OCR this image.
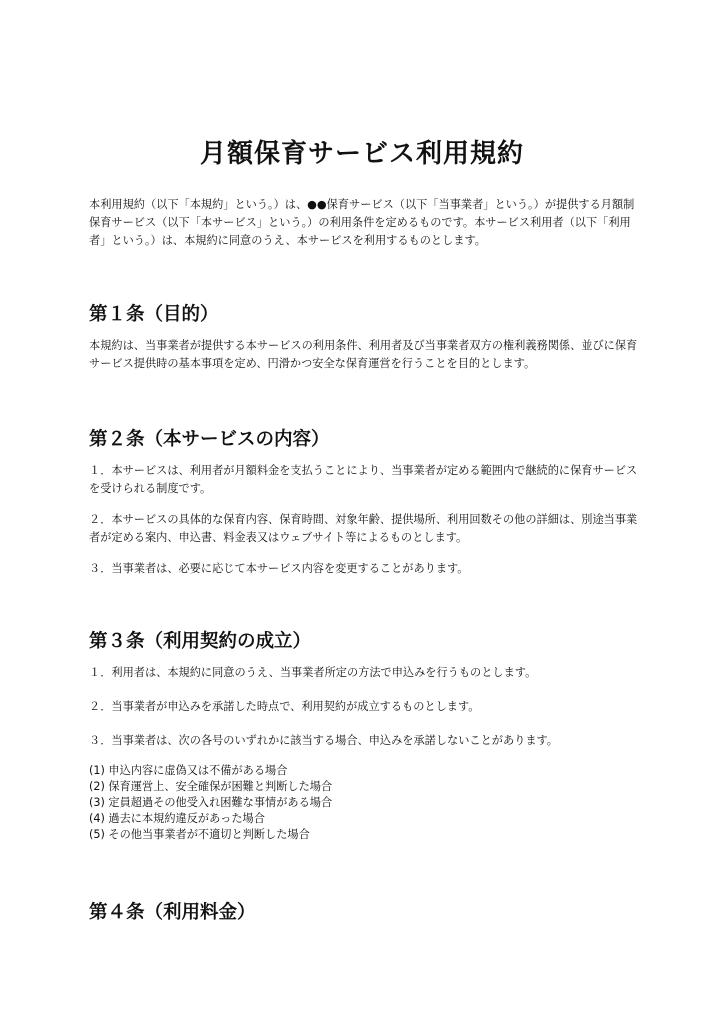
月額保育サービス利用規約

本利用規約（以下「本規約」という。）は、●●保育サービス（以下「当事業者」という。）が提供する月額制保育サービス（以下「本サービス」という。）の利用条件を定めるものです。本サービス利用者（以下「利用者」という。）は、本規約に同意のうえ、本サービスを利用するものとします。

第１条（目的）

本規約は、当事業者が提供する本サービスの利用条件、利用者及び当事業者双方の権利義務関係、並びに保育サービス提供時の基本事項を定め、円滑かつ安全な保育運営を行うことを目的とします。

第２条（本サービスの内容）

１．本サービスは、利用者が月額料金を支払うことにより、当事業者が定める範囲内で継続的に保育サービスを受けられる制度です。

２．本サービスの具体的な保育内容、保育時間、対象年齢、提供場所、利用回数その他の詳細は、別途当事業者が定める案内、申込書、料金表又はウェブサイト等によるものとします。

３．当事業者は、必要に応じて本サービス内容を変更することがあります。

第３条（利用契約の成立）

１．利用者は、本規約に同意のうえ、当事業者所定の方法で申込みを行うものとします。

２．当事業者が申込みを承諾した時点で、利用契約が成立するものとします。

３．当事業者は、次の各号のいずれかに該当する場合、申込みを承諾しないことがあります。

(1) 申込内容に虚偽又は不備がある場合
(2) 保育運営上、安全確保が困難と判断した場合
(3) 定員超過その他受入れ困難な事情がある場合
(4) 過去に本規約違反があった場合
(5) その他当事業者が不適切と判断した場合
第４条（利用料金）
